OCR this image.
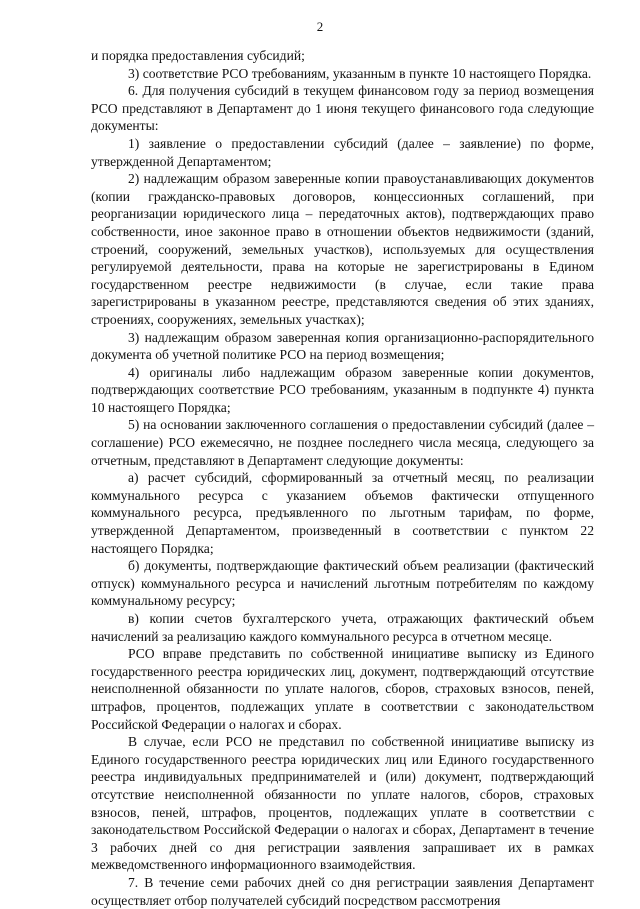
2

и порядка предоставления субсидий;

3) соответствие РСО требованиям, указанным в пункте 10 настоящего Порядка.

6. Для получения субсидий в текущем финансовом году за период возмещения РСО представляют в Департамент до 1 июня текущего финансового года следующие документы:

1) заявление о предоставлении субсидий (далее – заявление) по форме, утвержденной Департаментом;

2) надлежащим образом заверенные копии правоустанавливающих документов (копии гражданско-правовых договоров, концессионных соглашений, при реорганизации юридического лица – передаточных актов), подтверждающих право собственности, иное законное право в отношении объектов недвижимости (зданий, строений, сооружений, земельных участков), используемых для осуществления регулируемой деятельности, права на которые не зарегистрированы в Едином государственном реестре недвижимости (в случае, если такие права зарегистрированы в указанном реестре, представляются сведения об этих зданиях, строениях, сооружениях, земельных участках);

3) надлежащим образом заверенная копия организационно-распорядительного документа об учетной политике РСО на период возмещения;

4) оригиналы либо надлежащим образом заверенные копии документов, подтверждающих соответствие РСО требованиям, указанным в подпункте 4) пункта 10 настоящего Порядка;

5) на основании заключенного соглашения о предоставлении субсидий (далее – соглашение) РСО ежемесячно, не позднее последнего числа месяца, следующего за отчетным, представляют в Департамент следующие документы:

а) расчет субсидий, сформированный за отчетный месяц, по реализации коммунального ресурса с указанием объемов фактически отпущенного коммунального ресурса, предъявленного по льготным тарифам, по форме, утвержденной Департаментом, произведенный в соответствии с пунктом 22 настоящего Порядка;

б) документы, подтверждающие фактический объем реализации (фактический отпуск) коммунального ресурса и начислений льготным потребителям по каждому коммунальному ресурсу;

в) копии счетов бухгалтерского учета, отражающих фактический объем начислений за реализацию каждого коммунального ресурса в отчетном месяце.

РСО вправе представить по собственной инициативе выписку из Единого государственного реестра юридических лиц, документ, подтверждающий отсутствие неисполненной обязанности по уплате налогов, сборов, страховых взносов, пеней, штрафов, процентов, подлежащих уплате в соответствии с законодательством Российской Федерации о налогах и сборах.

В случае, если РСО не представил по собственной инициативе выписку из Единого государственного реестра юридических лиц или Единого государственного реестра индивидуальных предпринимателей и (или) документ, подтверждающий отсутствие неисполненной обязанности по уплате налогов, сборов, страховых взносов, пеней, штрафов, процентов, подлежащих уплате в соответствии с законодательством Российской Федерации о налогах и сборах, Департамент в течение 3 рабочих дней со дня регистрации заявления запрашивает их в рамках межведомственного информационного взаимодействия.

7. В течение семи рабочих дней со дня регистрации заявления Департамент осуществляет отбор получателей субсидий посредством рассмотрения
